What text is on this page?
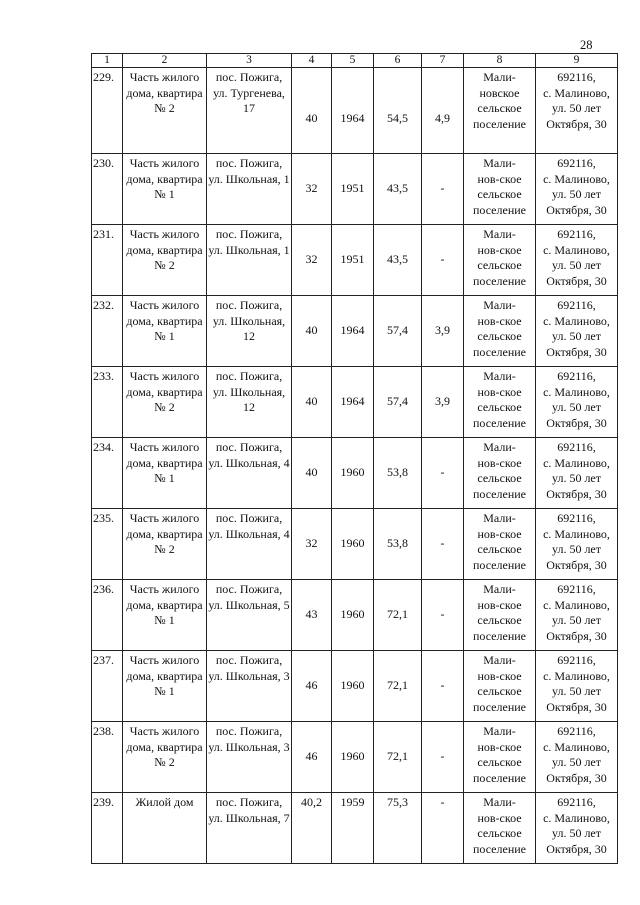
28
1	2	3	4	5	6	7	8	9
229.	Часть жилого
дома, квартира
№ 2	пос. Пожига,
ул. Тургенева,
17	40	1964	54,5	4,9	Мали-
новское
сельское
поселение	692116,
с. Малиново,
ул. 50 лет
Октября, 30

230.	Часть жилого
дома, квартира
№ 1	пос. Пожига,
ул. Школьная, 1	32	1951	43,5	-	Мали-
нов-ское
сельское
поселение	692116,
с. Малиново,
ул. 50 лет
Октября, 30

231.	Часть жилого
дома, квартира
№ 2	пос. Пожига,
ул. Школьная, 1	32	1951	43,5	-	Мали-
нов-ское
сельское
поселение	692116,
с. Малиново,
ул. 50 лет
Октября, 30

232.	Часть жилого
дома, квартира
№ 1	пос. Пожига,
ул. Школьная,
12	40	1964	57,4	3,9	Мали-
нов-ское
сельское
поселение	692116,
с. Малиново,
ул. 50 лет
Октября, 30

233.	Часть жилого
дома, квартира
№ 2	пос. Пожига,
ул. Школьная,
12	40	1964	57,4	3,9	Мали-
нов-ское
сельское
поселение	692116,
с. Малиново,
ул. 50 лет
Октября, 30

234.	Часть жилого
дома, квартира
№ 1	пос. Пожига,
ул. Школьная, 4	40	1960	53,8	-	Мали-
нов-ское
сельское
поселение	692116,
с. Малиново,
ул. 50 лет
Октября, 30

235.	Часть жилого
дома, квартира
№ 2	пос. Пожига,
ул. Школьная, 4	32	1960	53,8	-	Мали-
нов-ское
сельское
поселение	692116,
с. Малиново,
ул. 50 лет
Октября, 30

236.	Часть жилого
дома, квартира
№ 1	пос. Пожига,
ул. Школьная, 5	43	1960	72,1	-	Мали-
нов-ское
сельское
поселение	692116,
с. Малиново,
ул. 50 лет
Октября, 30

237.	Часть жилого
дома, квартира
№ 1	пос. Пожига,
ул. Школьная, 3	46	1960	72,1	-	Мали-
нов-ское
сельское
поселение	692116,
с. Малиново,
ул. 50 лет
Октября, 30

238.	Часть жилого
дома, квартира
№ 2	пос. Пожига,
ул. Школьная, 3	46	1960	72,1	-	Мали-
нов-ское
сельское
поселение	692116,
с. Малиново,
ул. 50 лет
Октября, 30

239.	Жилой дом	пос. Пожига,
ул. Школьная, 7	40,2	1959	75,3	-	Мали-
нов-ское
сельское
поселение	692116,
с. Малиново,
ул. 50 лет
Октября, 30
